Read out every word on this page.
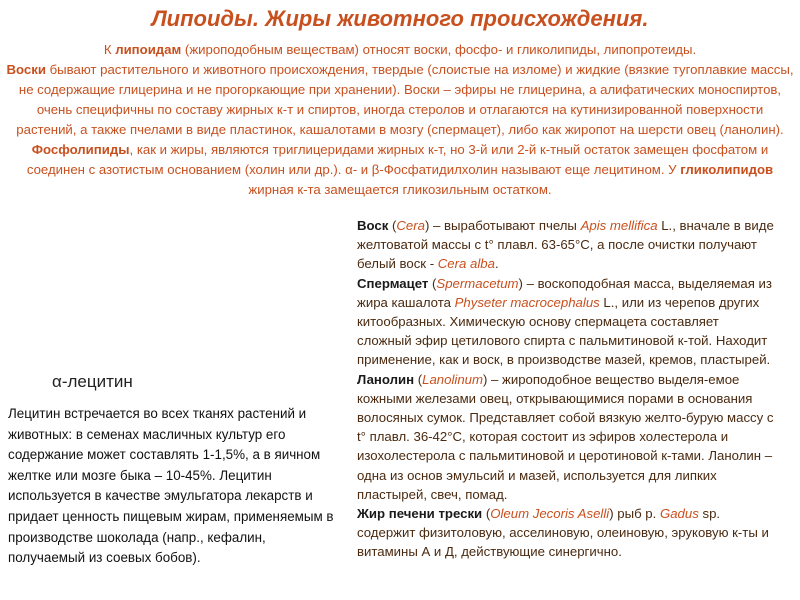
Липоиды. Жиры животного происхождения.
К липоидам (жироподобным веществам) относят воски, фосфо- и гликолипиды, липопротеиды.
Воски бывают растительного и животного происхождения, твердые (слоистые на изломе) и жидкие (вязкие тугоплавкие массы, не содержащие глицерина и не прогоркающие при хранении). Воски – эфиры не глицерина, а алифатических моноспиртов, очень специфичны по составу жирных к-т и спиртов, иногда стеролов и отлагаются на кутинизированной поверхности растений, а также пчелами в виде пластинок, кашалотами в мозгу (спермацет), либо как жиропот на шерсти овец (ланолин). Фосфолипиды, как и жиры, являются триглицеридами жирных к-т, но 3-й или 2-й к-тный остаток замещен фосфатом и соединен с азотистым основанием (холин или др.). α- и β-Фосфатидилхолин называют еще лецитином. У гликолипидов жирная к-та замещается гликозильным остатком.

Воск (Cera) – выработывают пчелы Apis mellifica L., вначале в виде желтоватой массы с t° плавл. 63-65°С, а после очистки получают белый воск - Cera alba.

Спермацет (Spermacetum) – воскоподобная масса, выделяемая из жира кашалота Physeter macrocephalus L., или из черепов других китообразных. Химическую основу спермацета составляет сложный эфир цетилового спирта с пальмитиновой к-той. Находит применение, как и воск, в производстве мазей, кремов, пластырей.

Ланолин (Lanolinum) – жироподобное вещество выделя-емое кожными железами овец, открывающимися порами в основания волосяных сумок. Представляет собой вязкую желто-бурую массу с t° плавл. 36-42°С, которая состоит из эфиров холестерола и изохолестерола с пальмитиновой и церотиновой к-тами. Ланолин – одна из основ эмульсий и мазей, используется для липких пластырей, свеч, помад.

Жир печени трески (Oleum Jecoris Aselli) рыб р. Gadus sp. содержит физитоловую, асселиновую, олеиновую, эруковую к-ты и витамины А и Д, действующие синергично.

α-лецитин
Лецитин встречается во всех тканях растений и животных: в семенах масличных культур его содержание может составлять 1-1,5%, а в яичном желтке или мозге быка – 10-45%. Лецитин используется в качестве эмульгатора лекарств и придает ценность пищевым жирам, применяемым в производстве шоколада (напр., кефалин, получаемый из соевых бобов).
